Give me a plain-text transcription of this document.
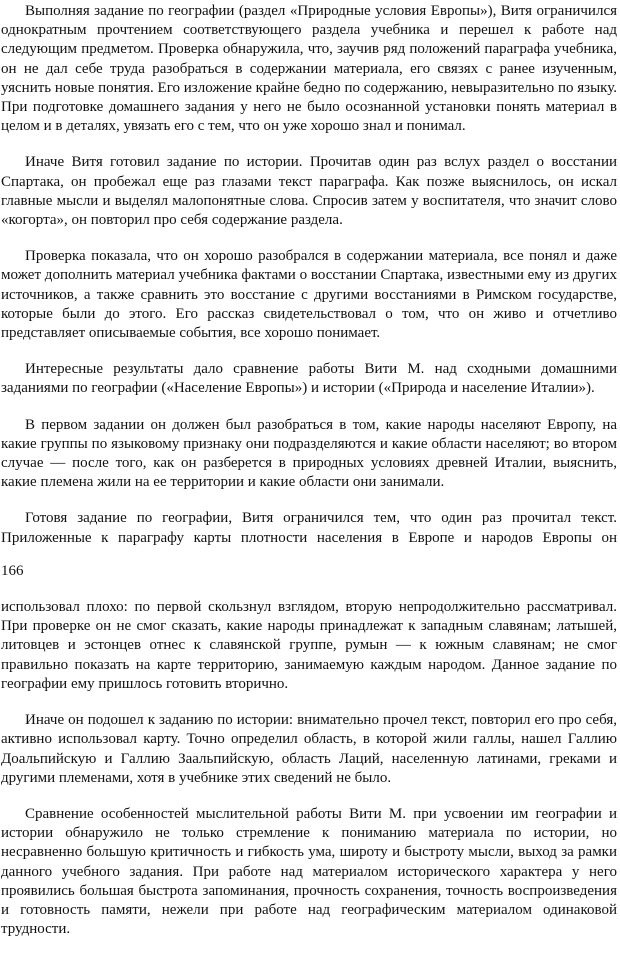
Выполняя задание по географии (раздел «Природные условия Европы»), Витя ограничился однократным прочтением соответствующего раздела учебника и перешел к работе над следующим предметом. Проверка обнаружила, что, заучив ряд положений параграфа учебника, он не дал себе труда разобраться в содержании материала, его связях с ранее изученным, уяснить новые понятия. Его изложение крайне бедно по содержанию, невыразительно по языку. При подготовке домашнего задания у него не было осознанной установки понять материал в целом и в деталях, увязать его с тем, что он уже хорошо знал и понимал.

Иначе Витя готовил задание по истории. Прочитав один раз вслух раздел о восстании Спартака, он пробежал еще раз глазами текст параграфа. Как позже выяснилось, он искал главные мысли и выделял малопонятные слова. Спросив затем у воспитателя, что значит слово «когорта», он повторил про себя содержание раздела.

Проверка показала, что он хорошо разобрался в содержании материала, все понял и даже может дополнить материал учебника фактами о восстании Спартака, известными ему из других источников, а также сравнить это восстание с другими восстаниями в Римском государстве, которые были до этого. Его рассказ свидетельствовал о том, что он живо и отчетливо представляет описываемые события, все хорошо понимает.

Интересные результаты дало сравнение работы Вити М. над сходными домашними заданиями по географии («Население Европы») и истории («Природа и население Италии»).

В первом задании он должен был разобраться в том, какие народы населяют Европу, на какие группы по языковому признаку они подразделяются и какие области населяют; во втором случае — после того, как он разберется в природных условиях древней Италии, выяснить, какие племена жили на ее территории и какие области они занимали.

Готовя задание по географии, Витя ограничился тем, что один раз прочитал текст. Приложенные к параграфу карты плотности населения в Европе и народов Европы он

166

использовал плохо: по первой скользнул взглядом, вторую непродолжительно рассматривал. При проверке он не смог сказать, какие народы принадлежат к западным славянам; латышей, литовцев и эстонцев отнес к славянской группе, румын — к южным славянам; не смог правильно показать на карте территорию, занимаемую каждым народом. Данное задание по географии ему пришлось готовить вторично.

Иначе он подошел к заданию по истории: внимательно прочел текст, повторил его про себя, активно использовал карту. Точно определил область, в которой жили галлы, нашел Галлию Доальпийскую и Галлию Заальпийскую, область Лаций, населенную латинами, греками и другими племенами, хотя в учебнике этих сведений не было.

Сравнение особенностей мыслительной работы Вити М. при усвоении им географии и истории обнаружило не только стремление к пониманию материала по истории, но несравненно большую критичность и гибкость ума, широту и быстроту мысли, выход за рамки данного учебного задания. При работе над материалом исторического характера у него проявились большая быстрота запоминания, прочность сохранения, точность воспроизведения и готовность памяти, нежели при работе над географическим материалом одинаковой трудности.
